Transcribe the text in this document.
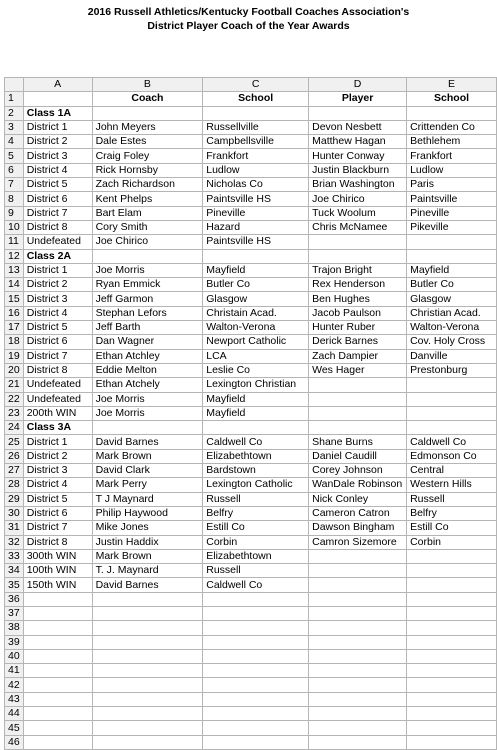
2016 Russell Athletics/Kentucky Football Coaches Association's
District Player Coach of the Year Awards
	A	B	C	D	E
1		Coach	School	Player	School
2	Class 1A				
3	District 1	John Meyers	Russellville	Devon Nesbett	Crittenden Co
4	District 2	Dale Estes	Campbellsville	Matthew Hagan	Bethlehem
5	District 3	Craig Foley	Frankfort	Hunter Conway	Frankfort
6	District 4	Rick Hornsby	Ludlow	Justin Blackburn	Ludlow
7	District 5	Zach Richardson	Nicholas Co	Brian Washington	Paris
8	District 6	Kent Phelps	Paintsville HS	Joe Chirico	Paintsville
9	District 7	Bart Elam	Pineville	Tuck Woolum	Pineville
10	District 8	Cory Smith	Hazard	Chris McNamee	Pikeville
11	Undefeated	Joe Chirico	Paintsville HS		
12	Class 2A				
13	District 1	Joe Morris	Mayfield	Trajon Bright	Mayfield
14	District 2	Ryan Emmick	Butler Co	Rex Henderson	Butler Co
15	District 3	Jeff Garmon	Glasgow	Ben Hughes	Glasgow
16	District 4	Stephan Lefors	Christain Acad.	Jacob Paulson	Christian Acad.
17	District 5	Jeff Barth	Walton-Verona	Hunter Ruber	Walton-Verona
18	District 6	Dan Wagner	Newport Catholic	Derick Barnes	Cov. Holy Cross
19	District 7	Ethan Atchley	LCA	Zach Dampier	Danville
20	District 8	Eddie Melton	Leslie Co	Wes Hager	Prestonburg
21	Undefeated	Ethan Atchely	Lexington Christian		
22	Undefeated	Joe Morris	Mayfield		
23	200th WIN	Joe Morris	Mayfield		
24	Class 3A				
25	District 1	David Barnes	Caldwell Co	Shane Burns	Caldwell Co
26	District 2	Mark Brown	Elizabethtown	Daniel Caudill	Edmonson Co
27	District 3	David Clark	Bardstown	Corey Johnson	Central
28	District 4	Mark Perry	Lexington Catholic	WanDale Robinson	Western Hills
29	District 5	T J Maynard	Russell	Nick Conley	Russell
30	District 6	Philip Haywood	Belfry	Cameron Catron	Belfry
31	District 7	Mike Jones	Estill Co	Dawson Bingham	Estill Co
32	District 8	Justin Haddix	Corbin	Camron Sizemore	Corbin
33	300th WIN	Mark Brown	Elizabethtown		
34	100th WIN	T. J. Maynard	Russell		
35	150th WIN	David Barnes	Caldwell Co		
36					
37					
38					
39					
40					
41					
42					
43					
44					
45					
46					
